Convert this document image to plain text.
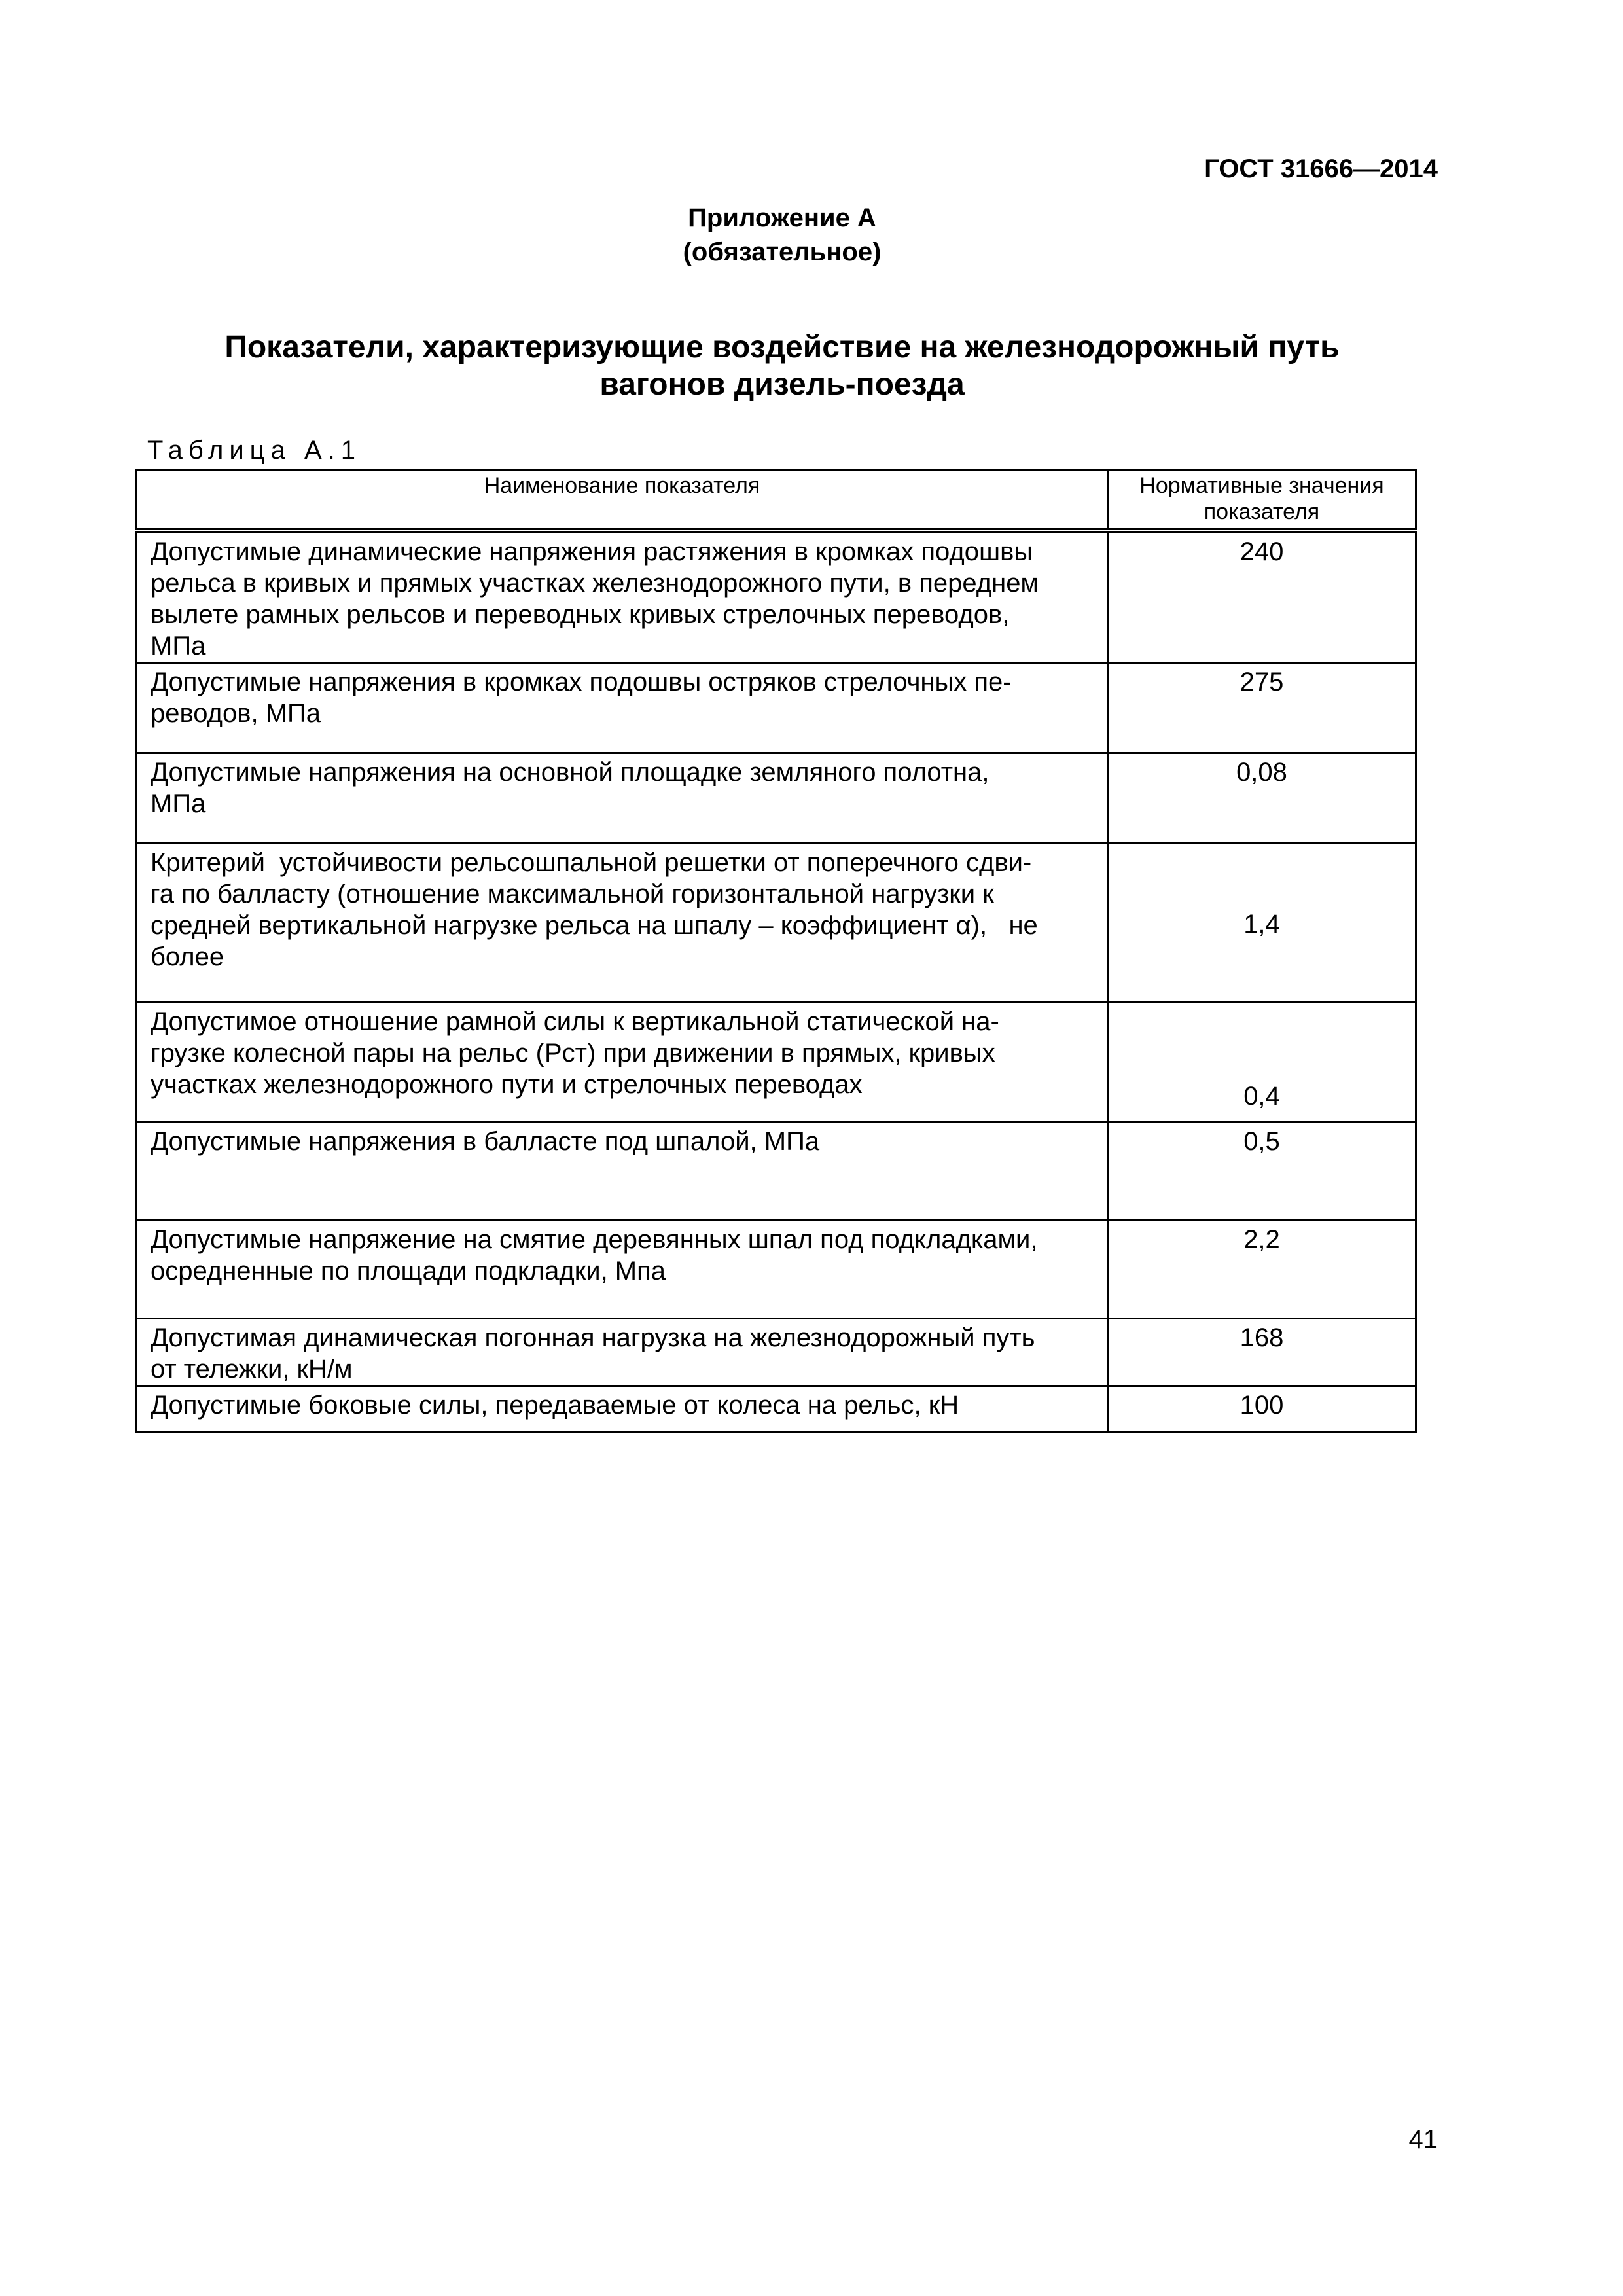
ГОСТ 31666—2014
Приложение А
(обязательное)
Показатели, характеризующие воздействие на железнодорожный путь
вагонов дизель-поезда
Таблица А.1
Наименование показателя	Нормативные значения
показателя

Допустимые динамические напряжения растяжения в кромках подошвы
рельса в кривых и прямых участках железнодорожного пути, в переднем
вылете рамных рельсов и переводных кривых стрелочных переводов,
МПа	240

Допустимые напряжения в кромках подошвы остряков стрелочных пе-
реводов, МПа	275

Допустимые напряжения на основной площадке земляного полотна,
МПа	0,08

Критерий  устойчивости рельсошпальной решетки от поперечного сдви-
га по балласту (отношение максимальной горизонтальной нагрузки к
средней вертикальной нагрузке рельса на шпалу – коэффициент α),   не
более	1,4

Допустимое отношение рамной силы к вертикальной статической на-
грузке колесной пары на рельс (Рст) при движении в прямых, кривых
участках железнодорожного пути и стрелочных переводах	0,4

Допустимые напряжения в балласте под шпалой, МПа	0,5

Допустимые напряжение на смятие деревянных шпал под подкладками,
осредненные по площади подкладки, Мпа	2,2

Допустимая динамическая погонная нагрузка на железнодорожный путь
от тележки, кН/м	168

Допустимые боковые силы, передаваемые от колеса на рельс, кН	100
41
